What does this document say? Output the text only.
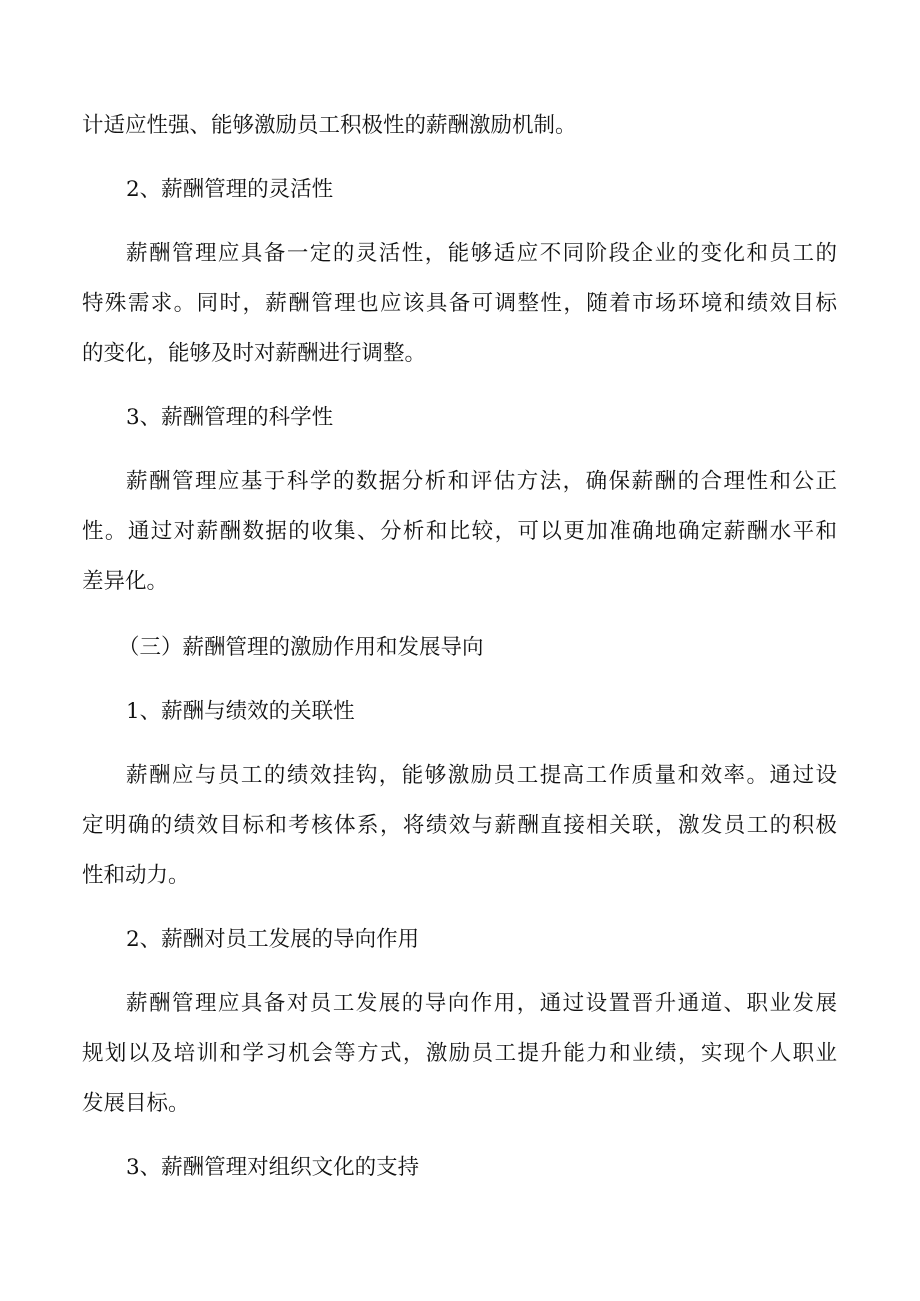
计适应性强、能够激励员工积极性的薪酬激励机制。
2、薪酬管理的灵活性
薪酬管理应具备一定的灵活性，能够适应不同阶段企业的变化和员工的
特殊需求。同时，薪酬管理也应该具备可调整性，随着市场环境和绩效目标
的变化，能够及时对薪酬进行调整。
3、薪酬管理的科学性
薪酬管理应基于科学的数据分析和评估方法，确保薪酬的合理性和公正
性。通过对薪酬数据的收集、分析和比较，可以更加准确地确定薪酬水平和
差异化。
（三）薪酬管理的激励作用和发展导向
1、薪酬与绩效的关联性
薪酬应与员工的绩效挂钩，能够激励员工提高工作质量和效率。通过设
定明确的绩效目标和考核体系，将绩效与薪酬直接相关联，激发员工的积极
性和动力。
2、薪酬对员工发展的导向作用
薪酬管理应具备对员工发展的导向作用，通过设置晋升通道、职业发展
规划以及培训和学习机会等方式，激励员工提升能力和业绩，实现个人职业
发展目标。
3、薪酬管理对组织文化的支持
